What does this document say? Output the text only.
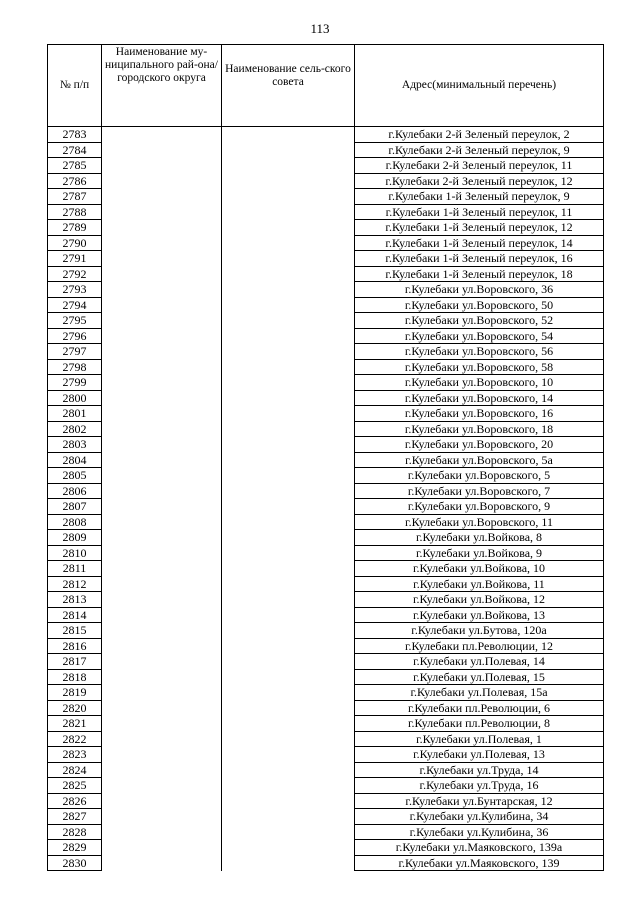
113
№ п/п	Наименование му-ниципального рай-она/ городского округа	Наименование сель-ского совета	Адрес(минимальный перечень)
2783			г.Кулебаки 2-й Зеленый переулок, 2
2784			г.Кулебаки 2-й Зеленый переулок, 9
2785			г.Кулебаки 2-й Зеленый переулок, 11
2786			г.Кулебаки 2-й Зеленый переулок, 12
2787			г.Кулебаки 1-й Зеленый переулок, 9
2788			г.Кулебаки 1-й Зеленый переулок, 11
2789			г.Кулебаки 1-й Зеленый переулок, 12
2790			г.Кулебаки 1-й Зеленый переулок, 14
2791			г.Кулебаки 1-й Зеленый переулок, 16
2792			г.Кулебаки 1-й Зеленый переулок, 18
2793			г.Кулебаки ул.Воровского, 36
2794			г.Кулебаки ул.Воровского, 50
2795			г.Кулебаки ул.Воровского, 52
2796			г.Кулебаки ул.Воровского, 54
2797			г.Кулебаки ул.Воровского, 56
2798			г.Кулебаки ул.Воровского, 58
2799			г.Кулебаки ул.Воровского, 10
2800			г.Кулебаки ул.Воровского, 14
2801			г.Кулебаки ул.Воровского, 16
2802			г.Кулебаки ул.Воровского, 18
2803			г.Кулебаки ул.Воровского, 20
2804			г.Кулебаки ул.Воровского, 5а
2805			г.Кулебаки ул.Воровского, 5
2806			г.Кулебаки ул.Воровского, 7
2807			г.Кулебаки ул.Воровского, 9
2808			г.Кулебаки ул.Воровского, 11
2809			г.Кулебаки ул.Войкова, 8
2810			г.Кулебаки ул.Войкова, 9
2811			г.Кулебаки ул.Войкова, 10
2812			г.Кулебаки ул.Войкова, 11
2813			г.Кулебаки ул.Войкова, 12
2814			г.Кулебаки ул.Войкова, 13
2815			г.Кулебаки ул.Бутова, 120а
2816			г.Кулебаки пл.Революции, 12
2817			г.Кулебаки ул.Полевая, 14
2818			г.Кулебаки ул.Полевая, 15
2819			г.Кулебаки ул.Полевая, 15а
2820			г.Кулебаки пл.Революции, 6
2821			г.Кулебаки пл.Революции, 8
2822			г.Кулебаки ул.Полевая, 1
2823			г.Кулебаки ул.Полевая, 13
2824			г.Кулебаки ул.Труда, 14
2825			г.Кулебаки ул.Труда, 16
2826			г.Кулебаки ул.Бунтарская, 12
2827			г.Кулебаки ул.Кулибина, 34
2828			г.Кулебаки ул.Кулибина, 36
2829			г.Кулебаки ул.Маяковского, 139а
2830			г.Кулебаки ул.Маяковского, 139
